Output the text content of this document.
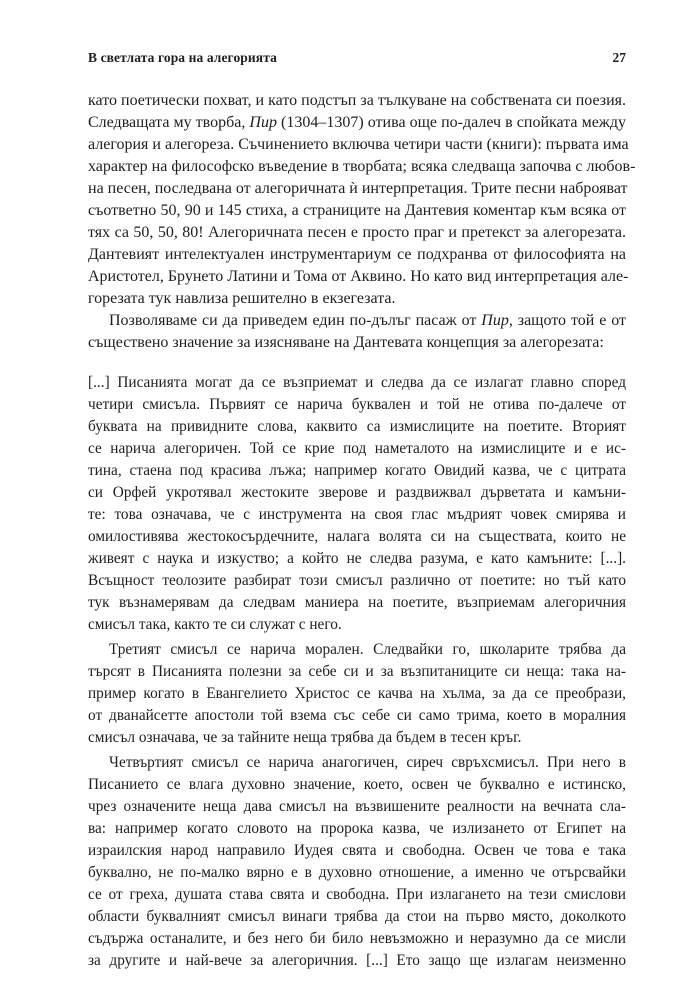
В светлата гора на алегорията	27

като поетически похват, и като подстъп за тълкуване на собствената си поезия.
Следващата му творба, Пир (1304–1307) отива още по-далеч в спойката между
алегория и алегореза. Съчинението включва четири части (книги): първата има
характер на философско въведение в творбата; всяка следваща започва с любов-
на песен, последвана от алегоричната ѝ интерпретация. Трите песни наброяват
съответно 50, 90 и 145 стиха, а страниците на Дантевия коментар към всяка от
тях са 50, 50, 80! Алегоричната песен е просто праг и претекст за алегорезата.
Дантевият интелектуален инструментариум се подхранва от философията на
Аристотел, Брунето Латини и Тома от Аквино. Но като вид интерпретация але-
горезата тук навлиза решително в екзегезата.

Позволяваме си да приведем един по-дълъг пасаж от Пир, защото той е от
съществено значение за изясняване на Дантевата концепция за алегорезата:

[...] Писанията могат да се възприемат и следва да се излагат главно според
четири смисъла. Първият се нарича буквален и той не отива по-далече от
буквата на привидните слова, каквито са измислиците на поетите. Вторият
се нарича алегоричен. Той се крие под наметалото на измислиците и е ис-
тина, стаена под красива лъжа; например когато Овидий казва, че с цитрата
си Орфей укротявал жестоките зверове и раздвижвал дърветата и камъни-
те: това означава, че с инструмента на своя глас мъдрият човек смирява и
омилостивява жестокосърдечните, налага волята си на съществата, които не
живеят с наука и изкуство; а който не следва разума, е като камъните: [...].
Всъщност теолозите разбират този смисъл различно от поетите: но тъй като
тук възнамерявам да следвам маниера на поетите, възприемам алегоричния
смисъл така, както те си служат с него.

Третият смисъл се нарича морален. Следвайки го, школарите трябва да
търсят в Писанията полезни за себе си и за възпитаниците си неща: така на-
пример когато в Евангелието Христос се качва на хълма, за да се преобрази,
от дванайсетте апостоли той взема със себе си само трима, което в моралния
смисъл означава, че за тайните неща трябва да бъдем в тесен кръг.

Четвъртият смисъл се нарича анагогичен, сиреч свръхсмисъл. При него в
Писанието се влага духовно значение, което, освен че буквално е истинско,
чрез означените неща дава смисъл на възвишените реалности на вечната сла-
ва: например когато словото на пророка казва, че излизането от Египет на
израилския народ направило Иудея свята и свободна. Освен че това е така
буквално, не по-малко вярно е в духовно отношение, а именно че отърсвайки
се от греха, душата става свята и свободна. При излагането на тези смислови
области буквалният смисъл винаги трябва да стои на първо място, доколкото
съдържа останалите, и без него би било невъзможно и неразумно да се мисли
за другите и най-вече за алегоричния. [...] Ето защо ще излагам неизменно
